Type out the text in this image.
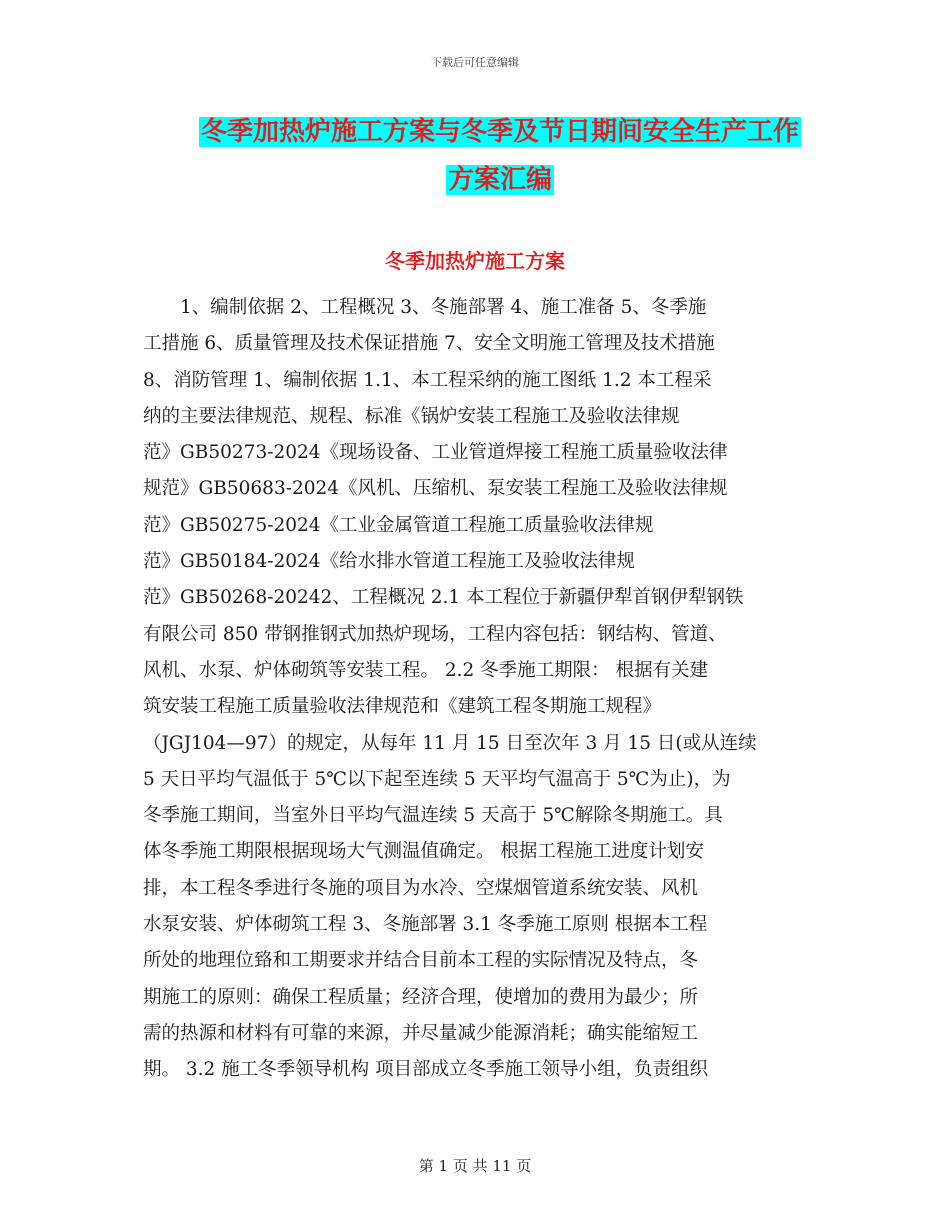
下载后可任意编辑
冬季加热炉施工方案与冬季及节日期间安全生产工作
方案汇编
冬季加热炉施工方案
　　1、编制依据 2、工程概况 3、冬施部署 4、施工准备 5、冬季施
工措施 6、质量管理及技术保证措施 7、安全文明施工管理及技术措施
8、消防管理 1、编制依据 1.1、本工程采纳的施工图纸 1.2 本工程采
纳的主要法律规范、规程、标准《锅炉安装工程施工及验收法律规
范》GB50273-2024《现场设备、工业管道焊接工程施工质量验收法律
规范》GB50683-2024《风机、压缩机、泵安装工程施工及验收法律规
范》GB50275-2024《工业金属管道工程施工质量验收法律规
范》GB50184-2024《给水排水管道工程施工及验收法律规
范》GB50268-20242、工程概况 2.1 本工程位于新疆伊犁首钢伊犁钢铁
有限公司 850 带钢推钢式加热炉现场，工程内容包括：钢结构、管道、
风机、水泵、炉体砌筑等安装工程。 2.2 冬季施工期限： 根据有关建
筑安装工程施工质量验收法律规范和《建筑工程冬期施工规程》
（JGJ104—97）的规定，从每年 11 月 15 日至次年 3 月 15 日(或从连续
5 天日平均气温低于 5℃以下起至连续 5 天平均气温高于 5℃为止)，为
冬季施工期间，当室外日平均气温连续 5 天高于 5℃解除冬期施工。具
体冬季施工期限根据现场大气测温值确定。 根据工程施工进度计划安
排，本工程冬季进行冬施的项目为水冷、空煤烟管道系统安装、风机
水泵安装、炉体砌筑工程 3、冬施部署 3.1 冬季施工原则 根据本工程
所处的地理位臵和工期要求并结合目前本工程的实际情况及特点，冬
期施工的原则：确保工程质量；经济合理，使增加的费用为最少；所
需的热源和材料有可靠的来源，并尽量减少能源消耗；确实能缩短工
期。 3.2 施工冬季领导机构 项目部成立冬季施工领导小组，负责组织
第 1 页 共 11 页
